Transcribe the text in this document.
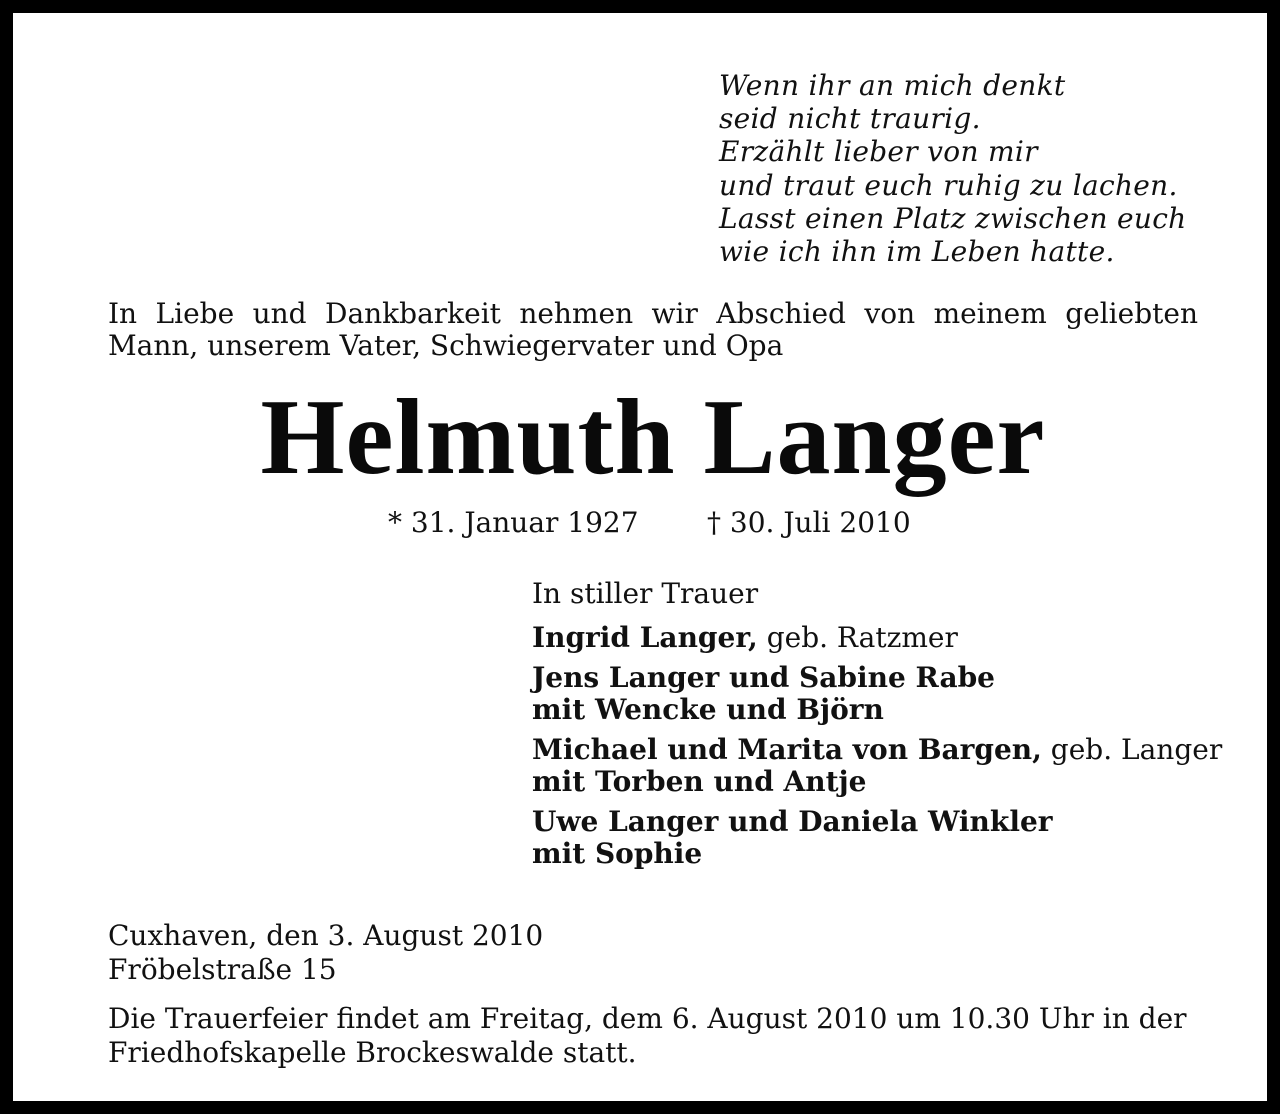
Wenn ihr an mich denkt
seid nicht traurig.
Erzählt lieber von mir
und traut euch ruhig zu lachen.
Lasst einen Platz zwischen euch
wie ich ihn im Leben hatte.
In Liebe und Dankbarkeit nehmen wir Abschied von meinem geliebten
Mann, unserem Vater, Schwiegervater und Opa
Helmuth Langer
* 31. Januar 1927 † 30. Juli 2010
In stiller Trauer
Ingrid Langer, geb. Ratzmer
Jens Langer und Sabine Rabe
mit Wencke und Björn
Michael und Marita von Bargen, geb. Langer
mit Torben und Antje
Uwe Langer und Daniela Winkler
mit Sophie
Cuxhaven, den 3. August 2010
Fröbelstraße 15
Die Trauerfeier findet am Freitag, dem 6. August 2010 um 10.30 Uhr in der
Friedhofskapelle Brockeswalde statt.
